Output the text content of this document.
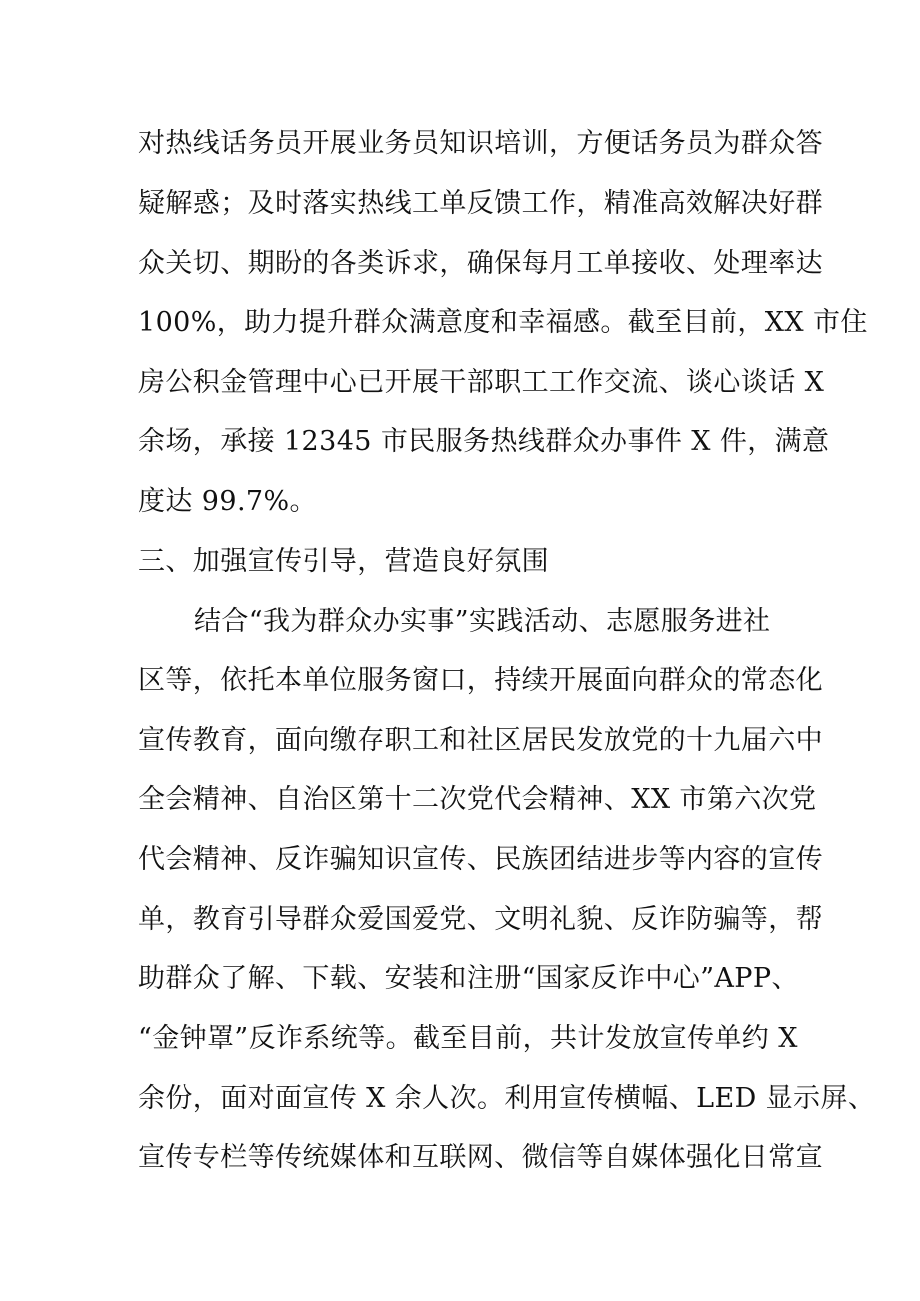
对热线话务员开展业务员知识培训，方便话务员为群众答
疑解惑；及时落实热线工单反馈工作，精准高效解决好群
众关切、期盼的各类诉求，确保每月工单接收、处理率达
100%，助力提升群众满意度和幸福感。截至目前，XX 市住
房公积金管理中心已开展干部职工工作交流、谈心谈话 X
余场，承接 12345 市民服务热线群众办事件 X 件，满意
度达 99.7%。
三、加强宣传引导，营造良好氛围
结合“我为群众办实事”实践活动、志愿服务进社
区等，依托本单位服务窗口，持续开展面向群众的常态化
宣传教育，面向缴存职工和社区居民发放党的十九届六中
全会精神、自治区第十二次党代会精神、XX 市第六次党
代会精神、反诈骗知识宣传、民族团结进步等内容的宣传
单，教育引导群众爱国爱党、文明礼貌、反诈防骗等，帮
助群众了解、下载、安装和注册“国家反诈中心”APP、
“金钟罩”反诈系统等。截至目前，共计发放宣传单约 X
余份，面对面宣传 X 余人次。利用宣传横幅、LED 显示屏、
宣传专栏等传统媒体和互联网、微信等自媒体强化日常宣
